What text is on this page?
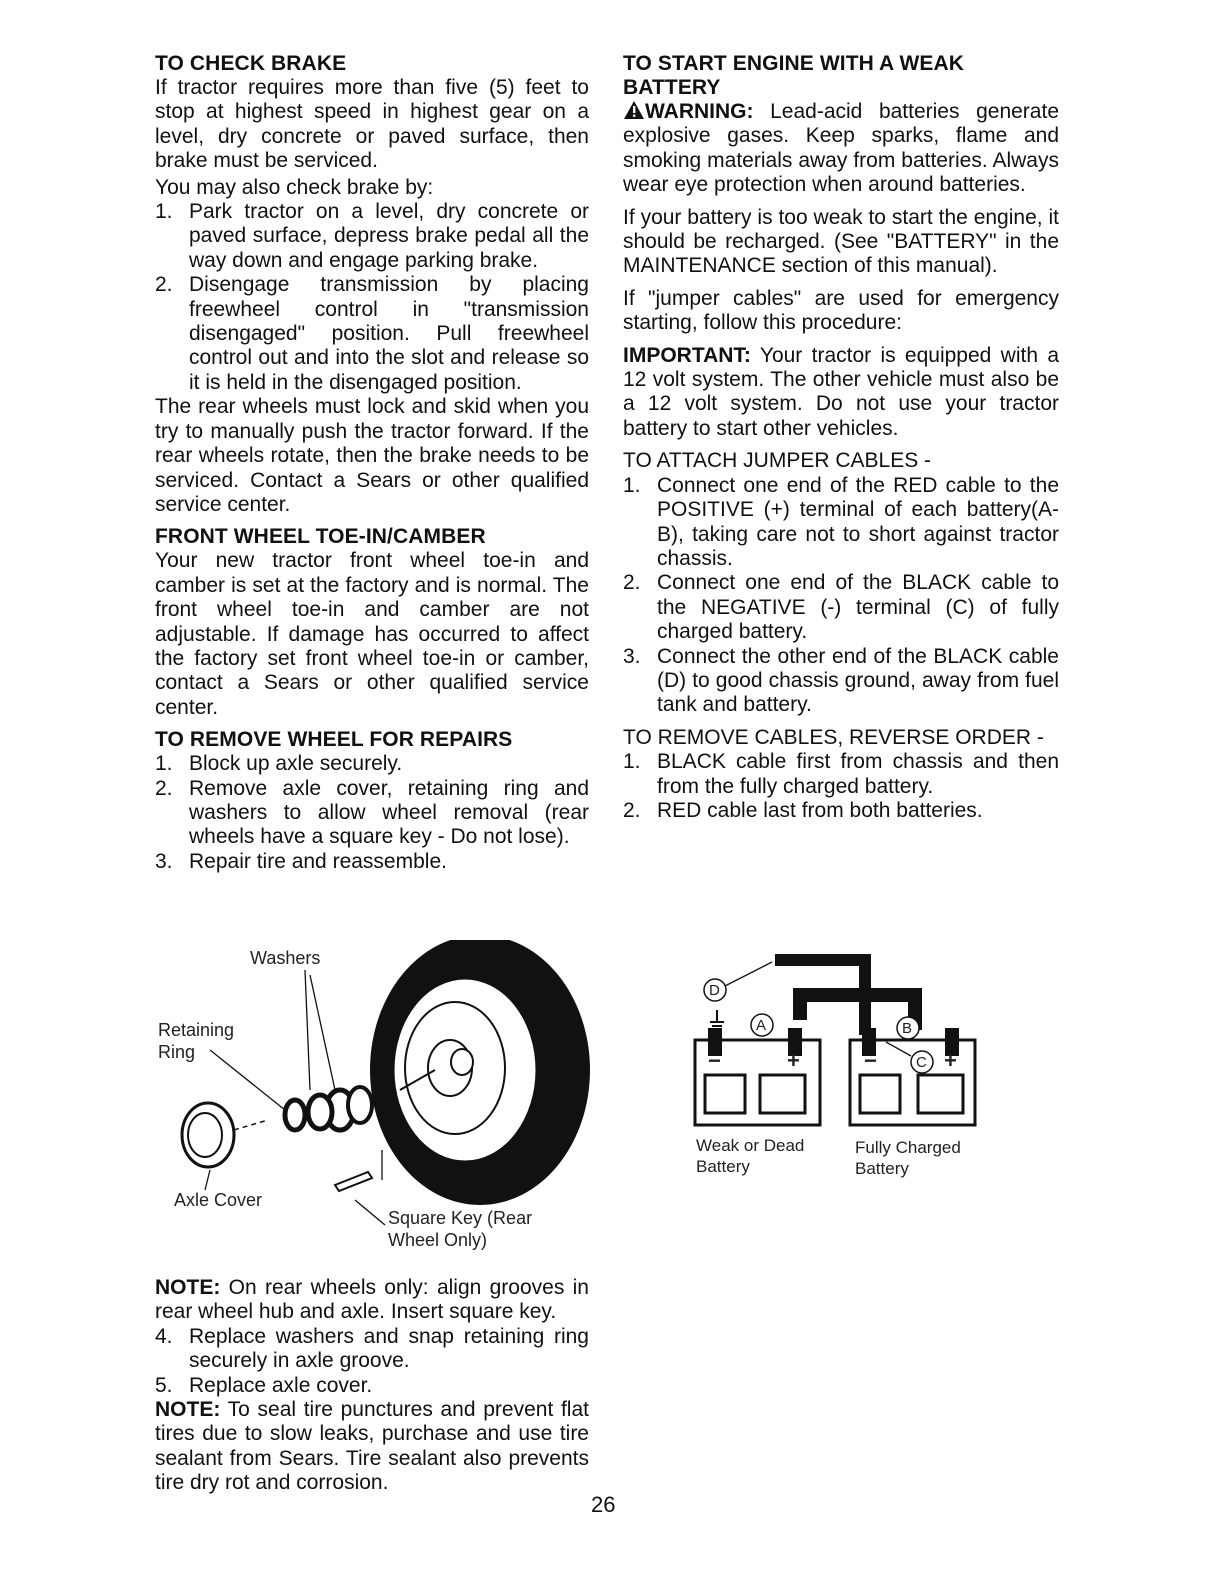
TO CHECK BRAKE

If tractor requires more than five (5) feet to stop at highest speed in highest gear on a level, dry concrete or paved surface, then brake must be serviced.

You may also check brake by:

1. Park tractor on a level, dry concrete or paved surface, depress brake pedal all the way down and engage parking brake.
2. Disengage transmission by placing freewheel control in "transmission disengaged" position. Pull freewheel control out and into the slot and release so it is held in the disengaged position.

The rear wheels must lock and skid when you try to manually push the tractor forward. If the rear wheels rotate, then the brake needs to be serviced. Contact a Sears or other qualified service center.

FRONT WHEEL TOE-IN/CAMBER

Your new tractor front wheel toe-in and camber is set at the factory and is normal. The front wheel toe-in and camber are not adjustable. If damage has occurred to affect the factory set front wheel toe-in or camber, contact a Sears or other qualified service center.

TO REMOVE WHEEL FOR REPAIRS
1. Block up axle securely.
2. Remove axle cover, retaining ring and washers to allow wheel removal (rear wheels have a square key - Do not lose).
3. Repair tire and reassemble.
TO START ENGINE WITH A WEAK BATTERY

WARNING: Lead-acid batteries generate explosive gases. Keep sparks, flame and smoking materials away from batteries. Always wear eye protection when around batteries.

If your battery is too weak to start the engine, it should be recharged. (See "BATTERY" in the MAINTENANCE section of this manual).

If "jumper cables" are used for emergency starting, follow this procedure:

IMPORTANT: Your tractor is equipped with a 12 volt system. The other vehicle must also be a 12 volt system. Do not use your tractor battery to start other vehicles.

TO ATTACH JUMPER CABLES -

1. Connect one end of the RED cable to the POSITIVE (+) terminal of each battery(A-B), taking care not to short against tractor chassis.
2. Connect one end of the BLACK cable to the NEGATIVE (-) terminal (C) of fully charged battery.
3. Connect the other end of the BLACK cable (D) to good chassis ground, away from fuel tank and battery.

TO REMOVE CABLES, REVERSE ORDER -

1. BLACK cable first from chassis and then from the fully charged battery.
2. RED cable last from both batteries.
Washers
Retaining
Ring
Axle Cover
Square Key (Rear
Wheel Only)
D
A	B
C
−	+	−	+
Weak or Dead
Battery
Fully Charged
Battery

NOTE: On rear wheels only: align grooves in rear wheel hub and axle. Insert square key.

4. Replace washers and snap retaining ring securely in axle groove.
5. Replace axle cover.

NOTE: To seal tire punctures and prevent flat tires due to slow leaks, purchase and use tire sealant from Sears. Tire sealant also prevents tire dry rot and corrosion.

26
